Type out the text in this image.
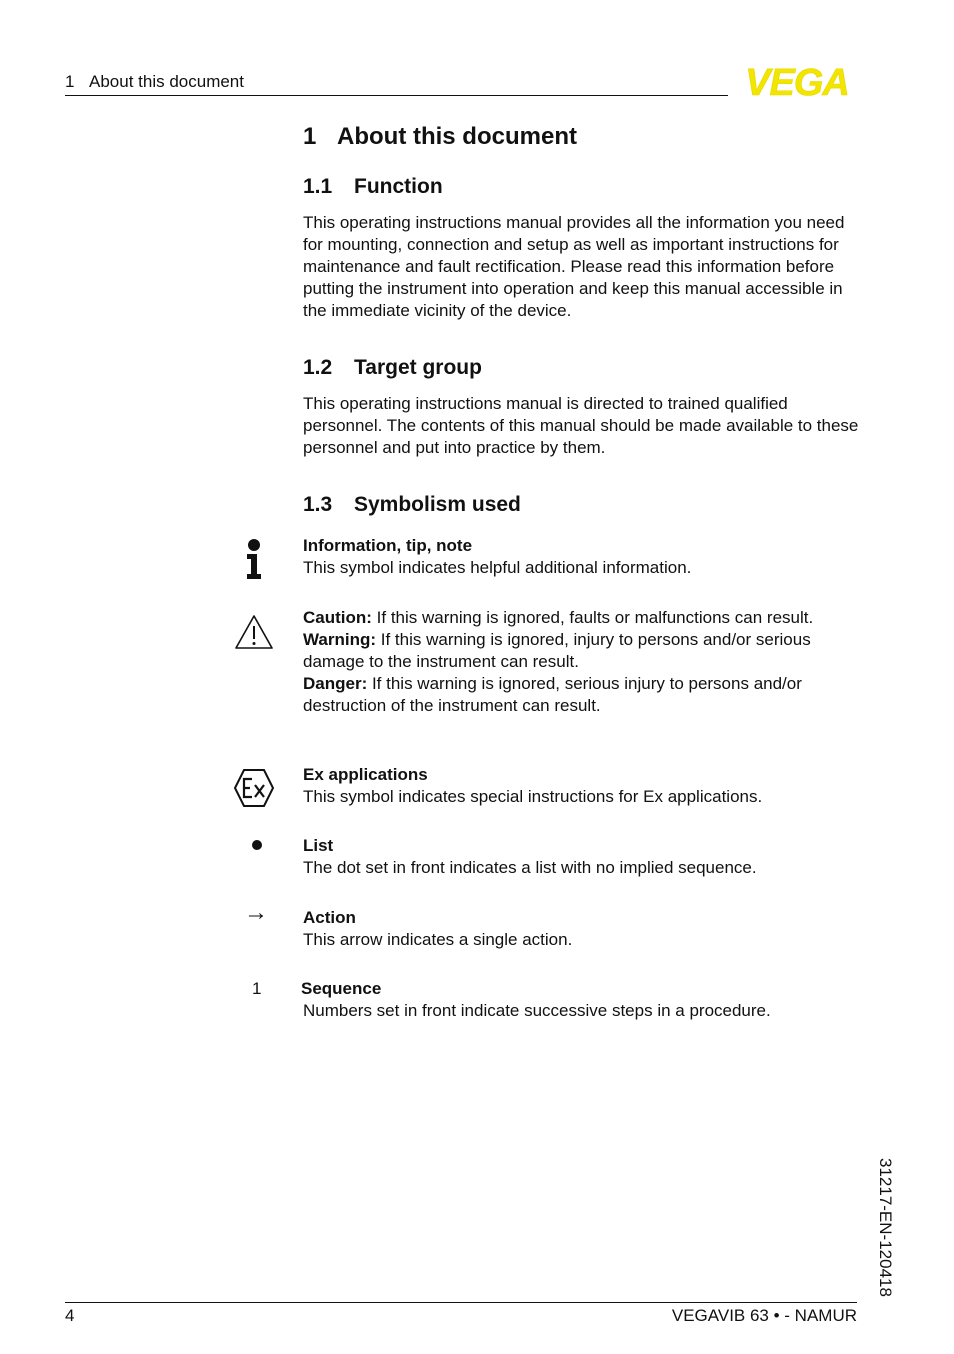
1 About this document	VEGA
1 About this document
1.1 Function

This operating instructions manual provides all the information you need for mounting, connection and setup as well as important instructions for maintenance and fault rectification. Please read this information before putting the instrument into operation and keep this manual accessible in the immediate vicinity of the device.

1.2 Target group

This operating instructions manual is directed to trained qualified personnel. The contents of this manual should be made available to these personnel and put into practice by them.

1.3 Symbolism used
Information, tip, note
This symbol indicates helpful additional information.
Caution: If this warning is ignored, faults or malfunctions can result.
Warning: If this warning is ignored, injury to persons and/or serious damage to the instrument can result.
Danger: If this warning is ignored, serious injury to persons and/or destruction of the instrument can result.
Ex applications
This symbol indicates special instructions for Ex applications.
List
The dot set in front indicates a list with no implied sequence.
→ Action
This arrow indicates a single action.
1 Sequence
Numbers set in front indicate successive steps in a procedure.
31217-EN-120418
4	VEGAVIB 63 • - NAMUR
